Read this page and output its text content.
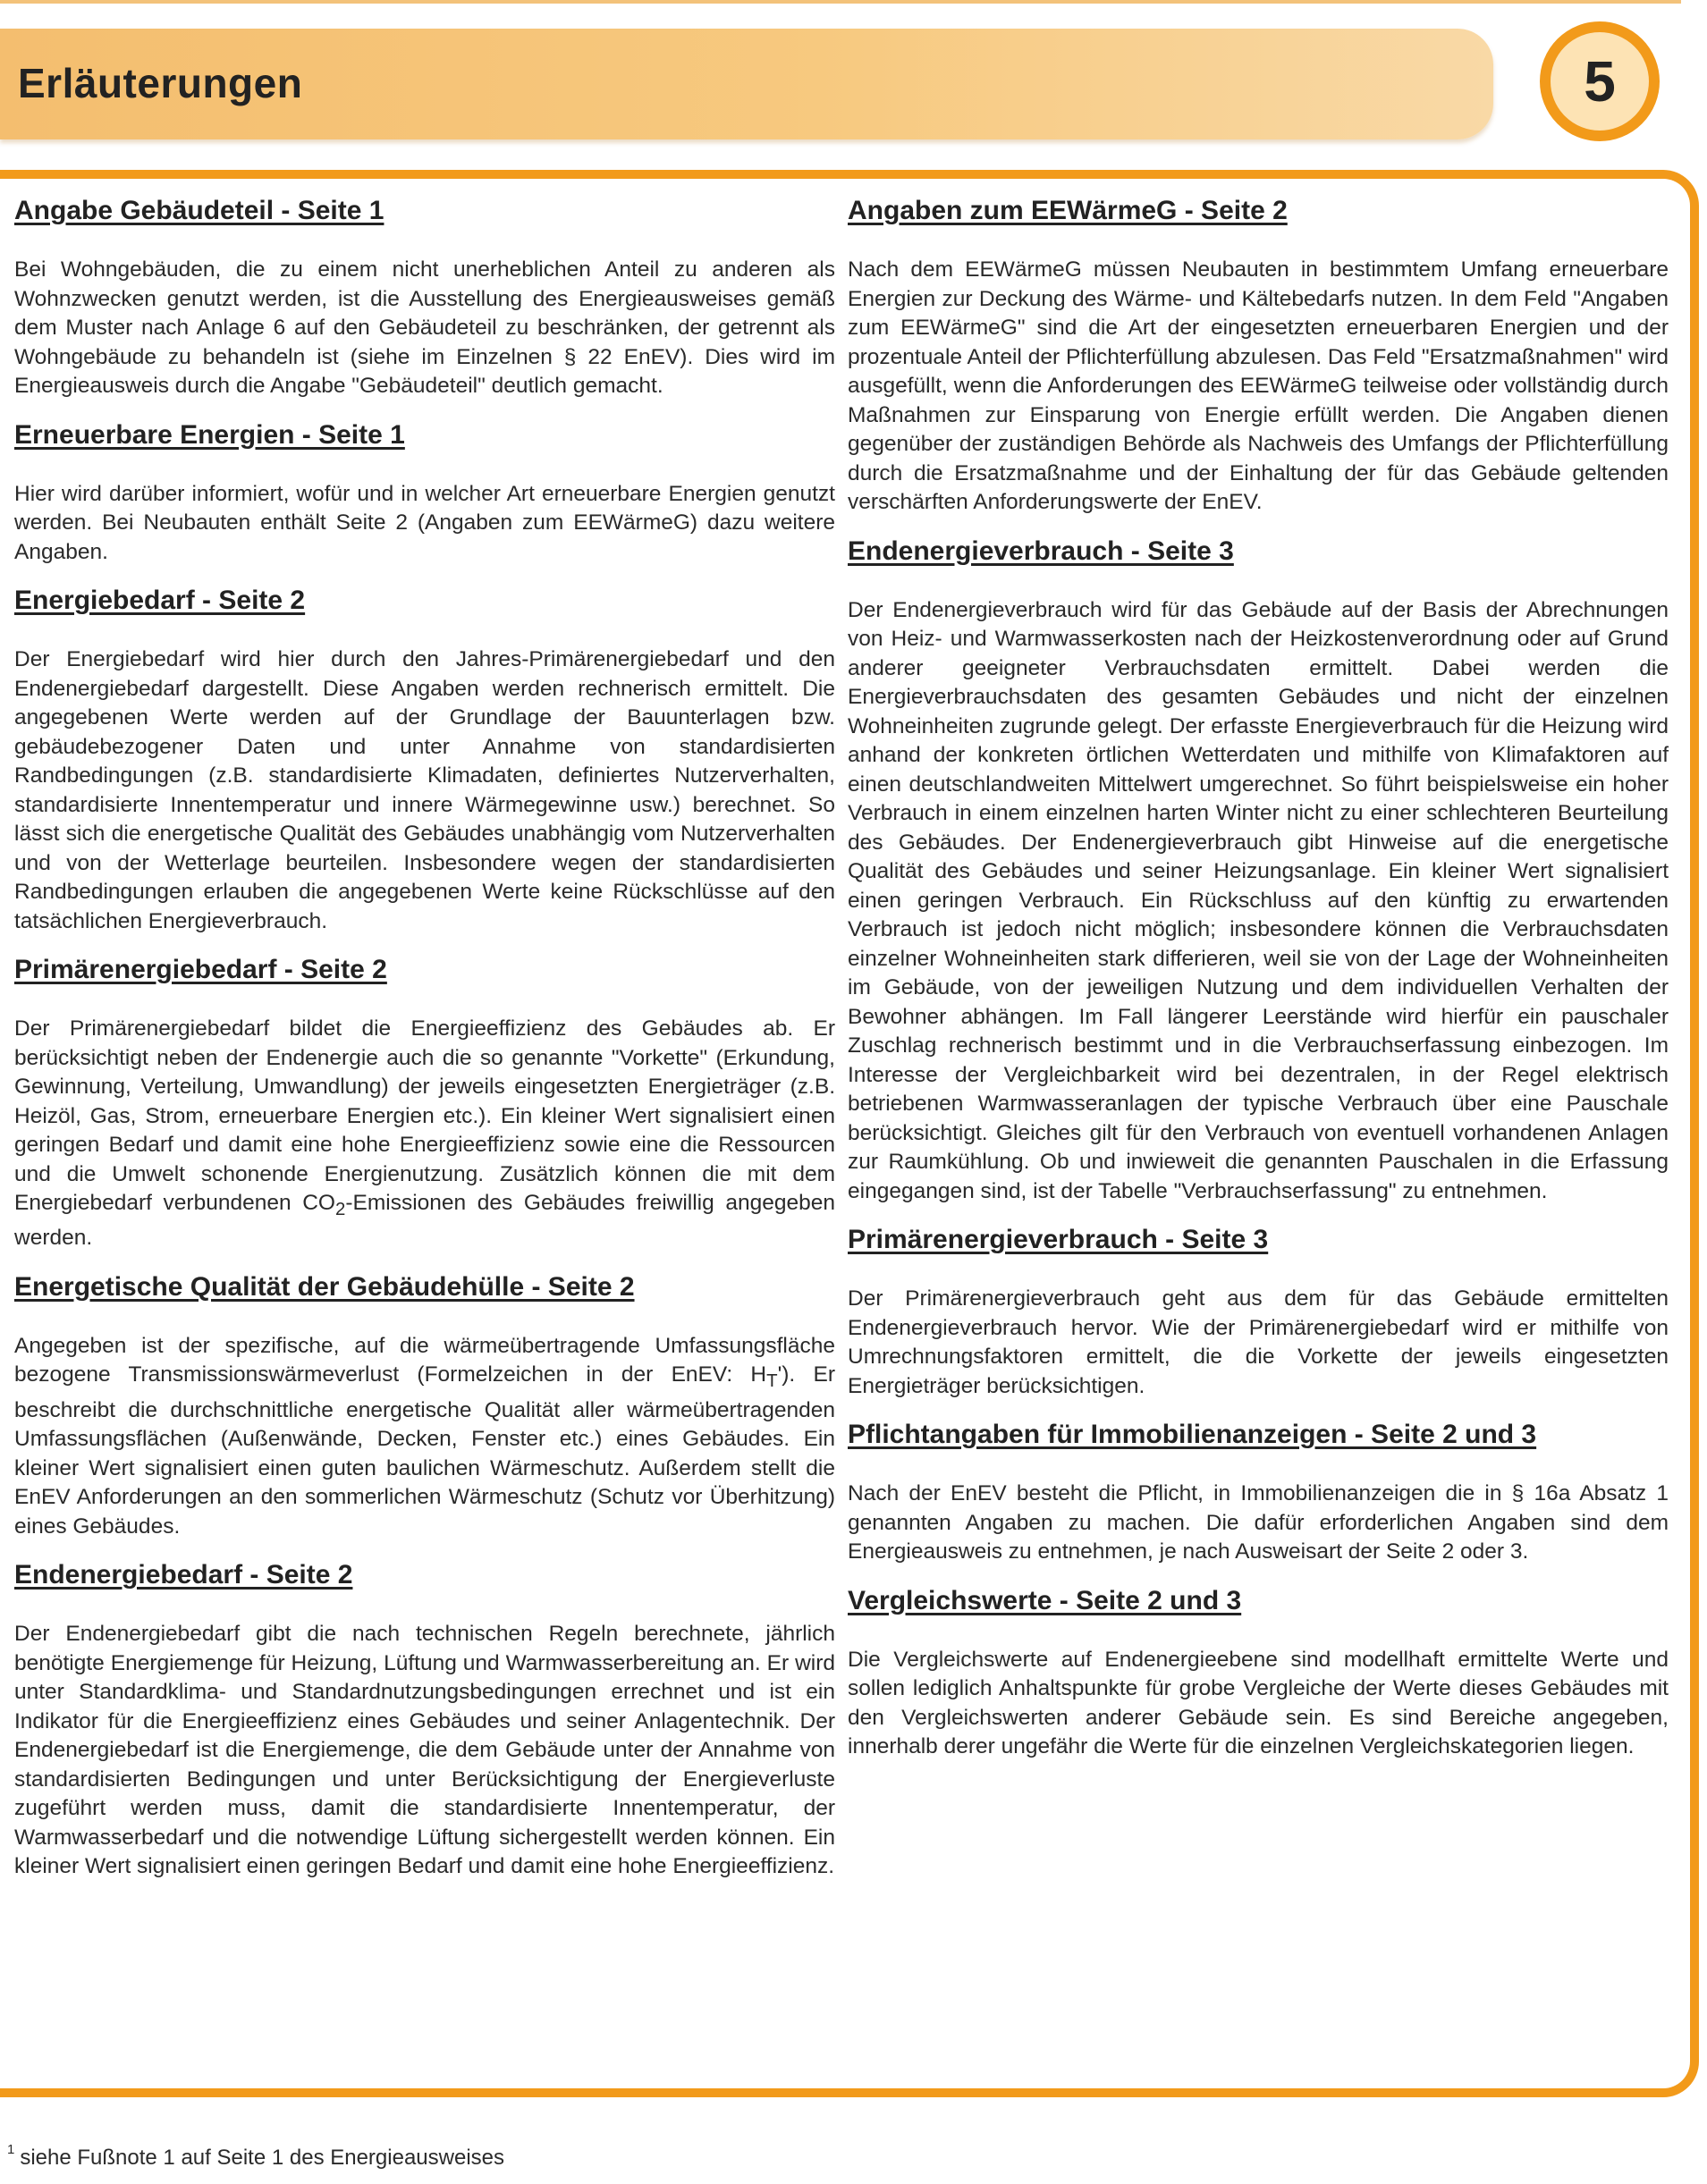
Erläuterungen	5
Angabe Gebäudeteil - Seite 1

Bei Wohngebäuden, die zu einem nicht unerheblichen Anteil zu anderen als Wohnzwecken genutzt werden, ist die Ausstellung des Energieausweises gemäß dem Muster nach Anlage 6 auf den Gebäudeteil zu beschränken, der getrennt als Wohngebäude zu behandeln ist (siehe im Einzelnen § 22 EnEV). Dies wird im Energieausweis durch die Angabe "Gebäudeteil" deutlich gemacht.

Erneuerbare Energien - Seite 1

Hier wird darüber informiert, wofür und in welcher Art erneuerbare Energien genutzt werden. Bei Neubauten enthält Seite 2 (Angaben zum EEWärmeG) dazu weitere Angaben.

Energiebedarf - Seite 2

Der Energiebedarf wird hier durch den Jahres-Primärenergiebedarf und den Endenergiebedarf dargestellt. Diese Angaben werden rechnerisch ermittelt. Die angegebenen Werte werden auf der Grundlage der Bauunterlagen bzw. gebäudebezogener Daten und unter Annahme von standardisierten Randbedingungen (z.B. standardisierte Klimadaten, definiertes Nutzerverhalten, standardisierte Innentemperatur und innere Wärmegewinne usw.) berechnet. So lässt sich die energetische Qualität des Gebäudes unabhängig vom Nutzerverhalten und von der Wetterlage beurteilen. Insbesondere wegen der standardisierten Randbedingungen erlauben die angegebenen Werte keine Rückschlüsse auf den tatsächlichen Energieverbrauch.

Primärenergiebedarf - Seite 2

Der Primärenergiebedarf bildet die Energieeffizienz des Gebäudes ab. Er berücksichtigt neben der Endenergie auch die so genannte "Vorkette" (Erkundung, Gewinnung, Verteilung, Umwandlung) der jeweils eingesetzten Energieträger (z.B. Heizöl, Gas, Strom, erneuerbare Energien etc.). Ein kleiner Wert signalisiert einen geringen Bedarf und damit eine hohe Energieeffizienz sowie eine die Ressourcen und die Umwelt schonende Energienutzung. Zusätzlich können die mit dem Energiebedarf verbundenen $CO_2$-Emissionen des Gebäudes freiwillig angegeben werden.

Energetische Qualität der Gebäudehülle - Seite 2

Angegeben ist der spezifische, auf die wärmeübertragende Umfassungsfläche bezogene Transmissionswärmeverlust (Formelzeichen in der EnEV: $H_T'$). Er beschreibt die durchschnittliche energetische Qualität aller wärmeübertragenden Umfassungsflächen (Außenwände, Decken, Fenster etc.) eines Gebäudes. Ein kleiner Wert signalisiert einen guten baulichen Wärmeschutz. Außerdem stellt die EnEV Anforderungen an den sommerlichen Wärmeschutz (Schutz vor Überhitzung) eines Gebäudes.

Endenergiebedarf - Seite 2

Der Endenergiebedarf gibt die nach technischen Regeln berechnete, jährlich benötigte Energiemenge für Heizung, Lüftung und Warmwasserbereitung an. Er wird unter Standardklima- und Standardnutzungsbedingungen errechnet und ist ein Indikator für die Energieeffizienz eines Gebäudes und seiner Anlagentechnik. Der Endenergiebedarf ist die Energiemenge, die dem Gebäude unter der Annahme von standardisierten Bedingungen und unter Berücksichtigung der Energieverluste zugeführt werden muss, damit die standardisierte Innentemperatur, der Warmwasserbedarf und die notwendige Lüftung sichergestellt werden können. Ein kleiner Wert signalisiert einen geringen Bedarf und damit eine hohe Energieeffizienz.

Angaben zum EEWärmeG - Seite 2

Nach dem EEWärmeG müssen Neubauten in bestimmtem Umfang erneuerbare Energien zur Deckung des Wärme- und Kältebedarfs nutzen. In dem Feld "Angaben zum EEWärmeG" sind die Art der eingesetzten erneuerbaren Energien und der prozentuale Anteil der Pflichterfüllung abzulesen. Das Feld "Ersatzmaßnahmen" wird ausgefüllt, wenn die Anforderungen des EEWärmeG teilweise oder vollständig durch Maßnahmen zur Einsparung von Energie erfüllt werden. Die Angaben dienen gegenüber der zuständigen Behörde als Nachweis des Umfangs der Pflichterfüllung durch die Ersatzmaßnahme und der Einhaltung der für das Gebäude geltenden verschärften Anforderungswerte der EnEV.

Endenergieverbrauch - Seite 3

Der Endenergieverbrauch wird für das Gebäude auf der Basis der Abrechnungen von Heiz- und Warmwasserkosten nach der Heizkostenverordnung oder auf Grund anderer geeigneter Verbrauchsdaten ermittelt. Dabei werden die Energieverbrauchsdaten des gesamten Gebäudes und nicht der einzelnen Wohneinheiten zugrunde gelegt. Der erfasste Energieverbrauch für die Heizung wird anhand der konkreten örtlichen Wetterdaten und mithilfe von Klimafaktoren auf einen deutschlandweiten Mittelwert umgerechnet. So führt beispielsweise ein hoher Verbrauch in einem einzelnen harten Winter nicht zu einer schlechteren Beurteilung des Gebäudes. Der Endenergieverbrauch gibt Hinweise auf die energetische Qualität des Gebäudes und seiner Heizungsanlage. Ein kleiner Wert signalisiert einen geringen Verbrauch. Ein Rückschluss auf den künftig zu erwartenden Verbrauch ist jedoch nicht möglich; insbesondere können die Verbrauchsdaten einzelner Wohneinheiten stark differieren, weil sie von der Lage der Wohneinheiten im Gebäude, von der jeweiligen Nutzung und dem individuellen Verhalten der Bewohner abhängen. Im Fall längerer Leerstände wird hierfür ein pauschaler Zuschlag rechnerisch bestimmt und in die Verbrauchserfassung einbezogen. Im Interesse der Vergleichbarkeit wird bei dezentralen, in der Regel elektrisch betriebenen Warmwasseranlagen der typische Verbrauch über eine Pauschale berücksichtigt. Gleiches gilt für den Verbrauch von eventuell vorhandenen Anlagen zur Raumkühlung. Ob und inwieweit die genannten Pauschalen in die Erfassung eingegangen sind, ist der Tabelle "Verbrauchserfassung" zu entnehmen.

Primärenergieverbrauch - Seite 3

Der Primärenergieverbrauch geht aus dem für das Gebäude ermittelten Endenergieverbrauch hervor. Wie der Primärenergiebedarf wird er mithilfe von Umrechnungsfaktoren ermittelt, die die Vorkette der jeweils eingesetzten Energieträger berücksichtigen.

Pflichtangaben für Immobilienanzeigen - Seite 2 und 3

Nach der EnEV besteht die Pflicht, in Immobilienanzeigen die in § 16a Absatz 1 genannten Angaben zu machen. Die dafür erforderlichen Angaben sind dem Energieausweis zu entnehmen, je nach Ausweisart der Seite 2 oder 3.

Vergleichswerte - Seite 2 und 3

Die Vergleichswerte auf Endenergieebene sind modellhaft ermittelte Werte und sollen lediglich Anhaltspunkte für grobe Vergleiche der Werte dieses Gebäudes mit den Vergleichswerten anderer Gebäude sein. Es sind Bereiche angegeben, innerhalb derer ungefähr die Werte für die einzelnen Vergleichskategorien liegen.

$^1$ siehe Fußnote 1 auf Seite 1 des Energieausweises
